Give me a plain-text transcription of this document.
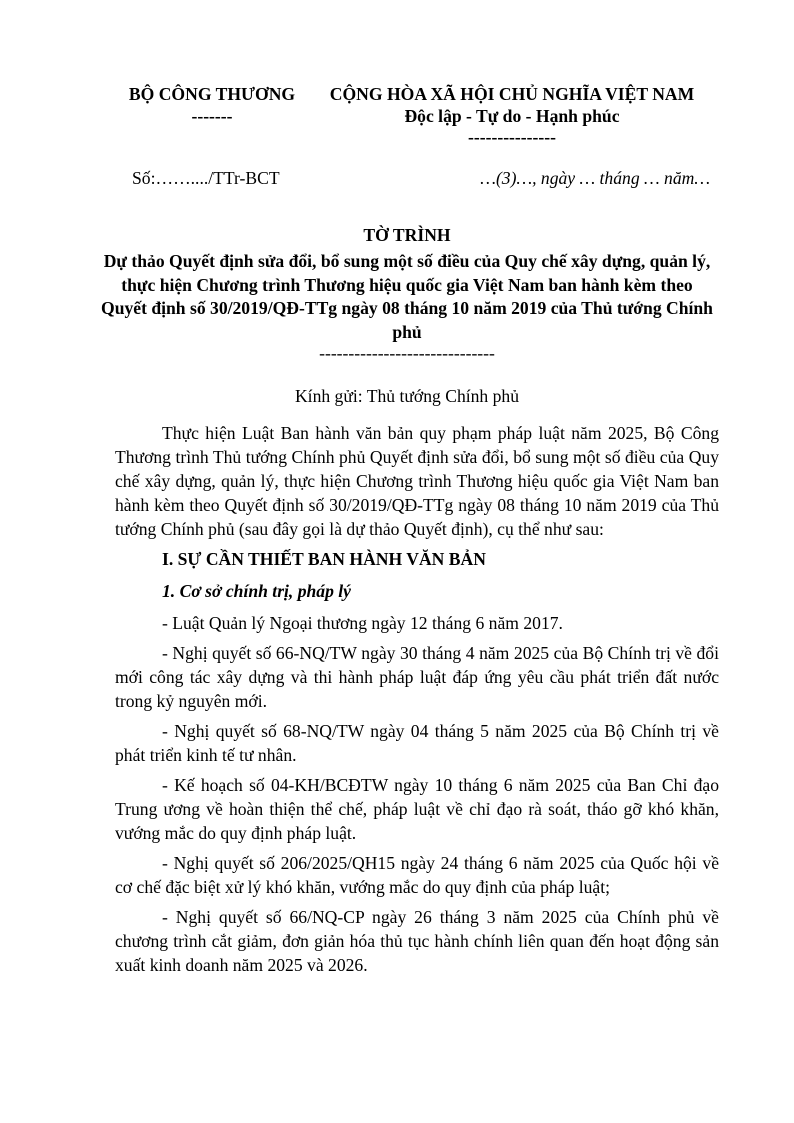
BỘ CÔNG THƯƠNG
-------
CỘNG HÒA XÃ HỘI CHỦ NGHĨA VIỆT NAM
Độc lập - Tự do - Hạnh phúc
---------------
Số:……..../TTr-BCT	…(3)…, ngày … tháng … năm…
TỜ TRÌNH
Dự thảo Quyết định sửa đổi, bổ sung một số điều của Quy chế xây dựng, quản lý, thực hiện Chương trình Thương hiệu quốc gia Việt Nam ban hành kèm theo Quyết định số 30/2019/QĐ-TTg ngày 08 tháng 10 năm 2019 của Thủ tướng Chính phủ
------------------------------
Kính gửi: Thủ tướng Chính phủ

Thực hiện Luật Ban hành văn bản quy phạm pháp luật năm 2025, Bộ Công Thương trình Thủ tướng Chính phủ Quyết định sửa đổi, bổ sung một số điều của Quy chế xây dựng, quản lý, thực hiện Chương trình Thương hiệu quốc gia Việt Nam ban hành kèm theo Quyết định số 30/2019/QĐ-TTg ngày 08 tháng 10 năm 2019 của Thủ tướng Chính phủ (sau đây gọi là dự thảo Quyết định), cụ thể như sau:

I. SỰ CẦN THIẾT BAN HÀNH VĂN BẢN

1. Cơ sở chính trị, pháp lý

- Luật Quản lý Ngoại thương ngày 12 tháng 6 năm 2017.

- Nghị quyết số 66-NQ/TW ngày 30 tháng 4 năm 2025 của Bộ Chính trị về đổi mới công tác xây dựng và thi hành pháp luật đáp ứng yêu cầu phát triển đất nước trong kỷ nguyên mới.

- Nghị quyết số 68-NQ/TW ngày 04 tháng 5 năm 2025 của Bộ Chính trị về phát triển kinh tế tư nhân.

- Kế hoạch số 04-KH/BCĐTW ngày 10 tháng 6 năm 2025 của Ban Chỉ đạo Trung ương về hoàn thiện thể chế, pháp luật về chỉ đạo rà soát, tháo gỡ khó khăn, vướng mắc do quy định pháp luật.

- Nghị quyết số 206/2025/QH15 ngày 24 tháng 6 năm 2025 của Quốc hội về cơ chế đặc biệt xử lý khó khăn, vướng mắc do quy định của pháp luật;

- Nghị quyết số 66/NQ-CP ngày 26 tháng 3 năm 2025 của Chính phủ về chương trình cắt giảm, đơn giản hóa thủ tục hành chính liên quan đến hoạt động sản xuất kinh doanh năm 2025 và 2026.
